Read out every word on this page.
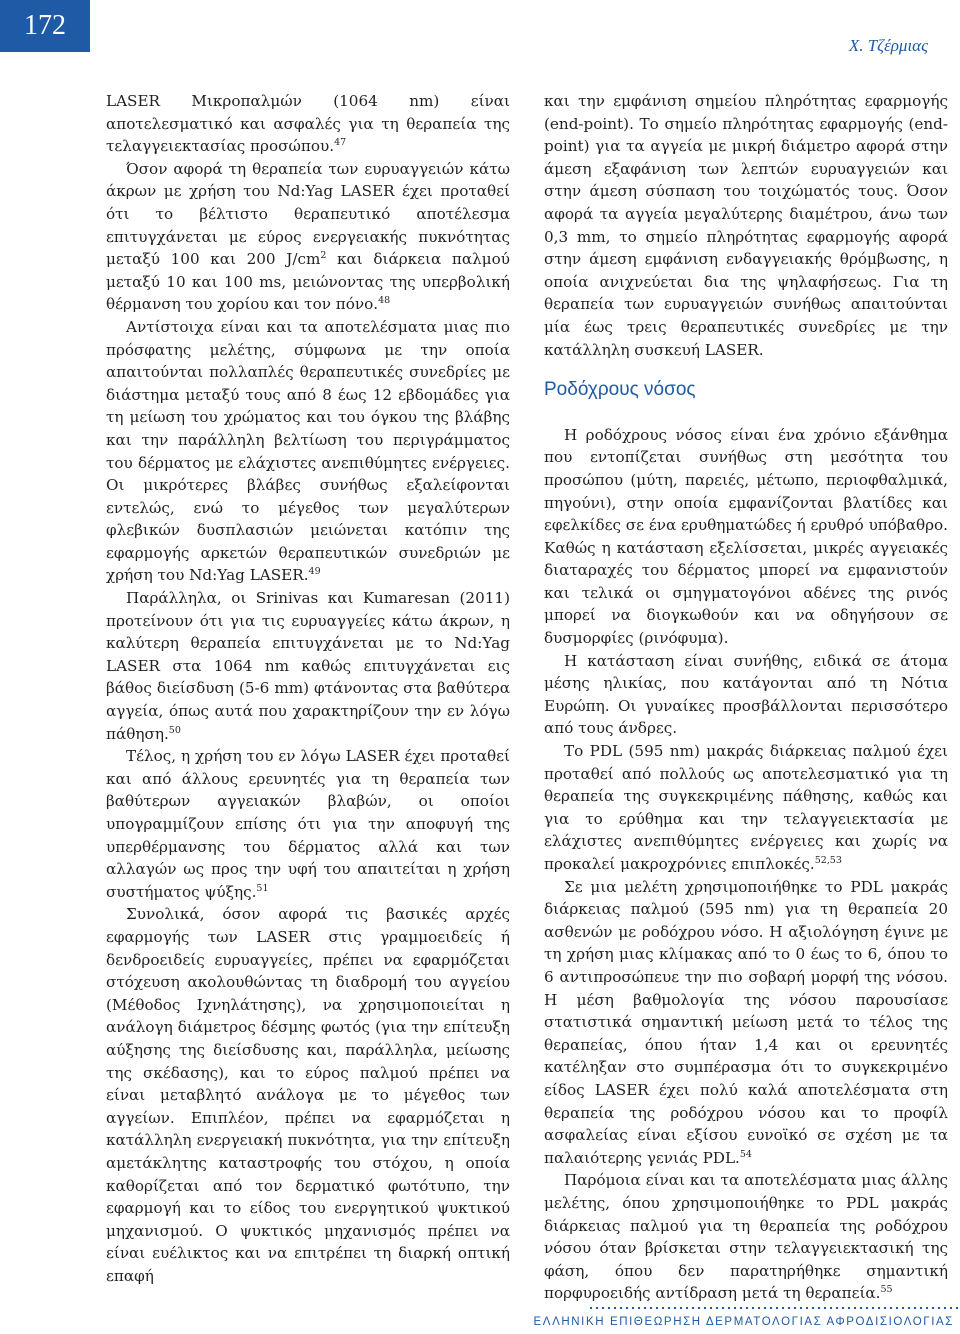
172
Χ. Τζέρμιας

LASER Μικροπαλμών (1064 nm) είναι αποτελεσματικό και ασφαλές για τη θεραπεία της τελαγγειεκτασίας προσώπου.$^{47}$

Όσον αφορά τη θεραπεία των ευρυαγγειών κάτω άκρων με χρήση του Nd:Yag LASER έχει προταθεί ότι το βέλτιστο θεραπευτικό αποτέλεσμα επιτυγχάνεται με εύρος ενεργειακής πυκνότητας μεταξύ 100 και 200 $J/cm^2$ και διάρκεια παλμού μεταξύ 10 και 100 ms, μειώνοντας της υπερβολική θέρμανση του χορίου και τον πόνο.$^{48}$

Αντίστοιχα είναι και τα αποτελέσματα μιας πιο πρόσφατης μελέτης, σύμφωνα με την οποία απαιτούνται πολλαπλές θεραπευτικές συνεδρίες με διάστημα μεταξύ τους από 8 έως 12 εβδομάδες για τη μείωση του χρώματος και του όγκου της βλάβης και την παράλληλη βελτίωση του περιγράμματος του δέρματος με ελάχιστες ανεπιθύμητες ενέργειες. Οι μικρότερες βλάβες συνήθως εξαλείφονται εντελώς, ενώ το μέγεθος των μεγαλύτερων φλεβικών δυσπλασιών μειώνεται κατόπιν της εφαρμογής αρκετών θεραπευτικών συνεδριών με χρήση του Nd:Yag LASER.$^{49}$

Παράλληλα, οι Srinivas και Kumaresan (2011) προτείνουν ότι για τις ευρυαγγείες κάτω άκρων, η καλύτερη θεραπεία επιτυγχάνεται με το Nd:Yag LASER στα 1064 nm καθώς επιτυγχάνεται εις βάθος διείσδυση (5-6 mm) φτάνοντας στα βαθύτερα αγγεία, όπως αυτά που χαρακτηρίζουν την εν λόγω πάθηση.$^{50}$

Τέλος, η χρήση του εν λόγω LASER έχει προταθεί και από άλλους ερευνητές για τη θεραπεία των βαθύτερων αγγειακών βλαβών, οι οποίοι υπογραμμίζουν επίσης ότι για την αποφυγή της υπερθέρμανσης του δέρματος αλλά και των αλλαγών ως προς την υφή του απαιτείται η χρήση συστήματος ψύξης.$^{51}$

Συνολικά, όσον αφορά τις βασικές αρχές εφαρμογής των LASER στις γραμμοειδείς ή δενδροειδείς ευρυαγγείες, πρέπει να εφαρμόζεται στόχευση ακολουθώντας τη διαδρομή του αγγείου (Μέθοδος Ιχνηλάτησης), να χρησιμοποιείται η ανάλογη διάμετρος δέσμης φωτός (για την επίτευξη αύξησης της διείσδυσης και, παράλληλα, μείωσης της σκέδασης), και το εύρος παλμού πρέπει να είναι μεταβλητό ανάλογα με το μέγεθος των αγγείων. Επιπλέον, πρέπει να εφαρμόζεται η κατάλληλη ενεργειακή πυκνότητα, για την επίτευξη αμετάκλητης καταστροφής του στόχου, η οποία καθορίζεται από τον δερματικό φωτότυπο, την εφαρμογή και το είδος του ενεργητικού ψυκτικού μηχανισμού. Ο ψυκτικός μηχανισμός πρέπει να είναι ευέλικτος και να επιτρέπει τη διαρκή οπτική επαφή

και την εμφάνιση σημείου πληρότητας εφαρμογής (end-point). Το σημείο πληρότητας εφαρμογής (end-point) για τα αγγεία με μικρή διάμετρο αφορά στην άμεση εξαφάνιση των λεπτών ευρυαγγειών και στην άμεση σύσπαση του τοιχώματός τους. Όσον αφορά τα αγγεία μεγαλύτερης διαμέτρου, άνω των 0,3 mm, το σημείο πληρότητας εφαρμογής αφορά στην άμεση εμφάνιση ενδαγγειακής θρόμβωσης, η οποία ανιχνεύεται δια της ψηλαφήσεως. Για τη θεραπεία των ευρυαγγειών συνήθως απαιτούνται μία έως τρεις θεραπευτικές συνεδρίες με την κατάλληλη συσκευή LASER.

Ροδόχρους νόσος

Η ροδόχρους νόσος είναι ένα χρόνιο εξάνθημα που εντοπίζεται συνήθως στη μεσότητα του προσώπου (μύτη, παρειές, μέτωπο, περιοφθαλμικά, πηγούνι), στην οποία εμφανίζονται βλατίδες και εφελκίδες σε ένα ερυθηματώδες ή ερυθρό υπόβαθρο. Καθώς η κατάσταση εξελίσσεται, μικρές αγγειακές διαταραχές του δέρματος μπορεί να εμφανιστούν και τελικά οι σμηγματογόνοι αδένες της ρινός μπορεί να διογκωθούν και να οδηγήσουν σε δυσμορφίες (ρινόφυμα).

Η κατάσταση είναι συνήθης, ειδικά σε άτομα μέσης ηλικίας, που κατάγονται από τη Νότια Ευρώπη. Οι γυναίκες προσβάλλονται περισσότερο από τους άνδρες.

Το PDL (595 nm) μακράς διάρκειας παλμού έχει προταθεί από πολλούς ως αποτελεσματικό για τη θεραπεία της συγκεκριμένης πάθησης, καθώς και για το ερύθημα και την τελαγγειεκτασία με ελάχιστες ανεπιθύμητες ενέργειες και χωρίς να προκαλεί μακροχρόνιες επιπλοκές.$^{52,53}$

Σε μια μελέτη χρησιμοποιήθηκε το PDL μακράς διάρκειας παλμού (595 nm) για τη θεραπεία 20 ασθενών με ροδόχρου νόσο. Η αξιολόγηση έγινε με τη χρήση μιας κλίμακας από το 0 έως το 6, όπου το 6 αντιπροσώπευε την πιο σοβαρή μορφή της νόσου. Η μέση βαθμολογία της νόσου παρουσίασε στατιστικά σημαντική μείωση μετά το τέλος της θεραπείας, όπου ήταν 1,4 και οι ερευνητές κατέληξαν στο συμπέρασμα ότι το συγκεκριμένο είδος LASER έχει πολύ καλά αποτελέσματα στη θεραπεία της ροδόχρου νόσου και το προφίλ ασφαλείας είναι εξίσου ευνοϊκό σε σχέση με τα παλαιότερης γενιάς PDL.$^{54}$

Παρόμοια είναι και τα αποτελέσματα μιας άλλης μελέτης, όπου χρησιμοποιήθηκε το PDL μακράς διάρκειας παλμού για τη θεραπεία της ροδόχρου νόσου όταν βρίσκεται στην τελαγγειεκτασική της φάση, όπου δεν παρατηρήθηκε σημαντική πορφυροειδής αντίδραση μετά τη θεραπεία.$^{55}$

ΕΛΛΗΝΙΚΗ ΕΠΙΘΕΩΡΗΣΗ ΔΕΡΜΑΤΟΛΟΓΙΑΣ ΑΦΡΟΔΙΣΙΟΛΟΓΙΑΣ
